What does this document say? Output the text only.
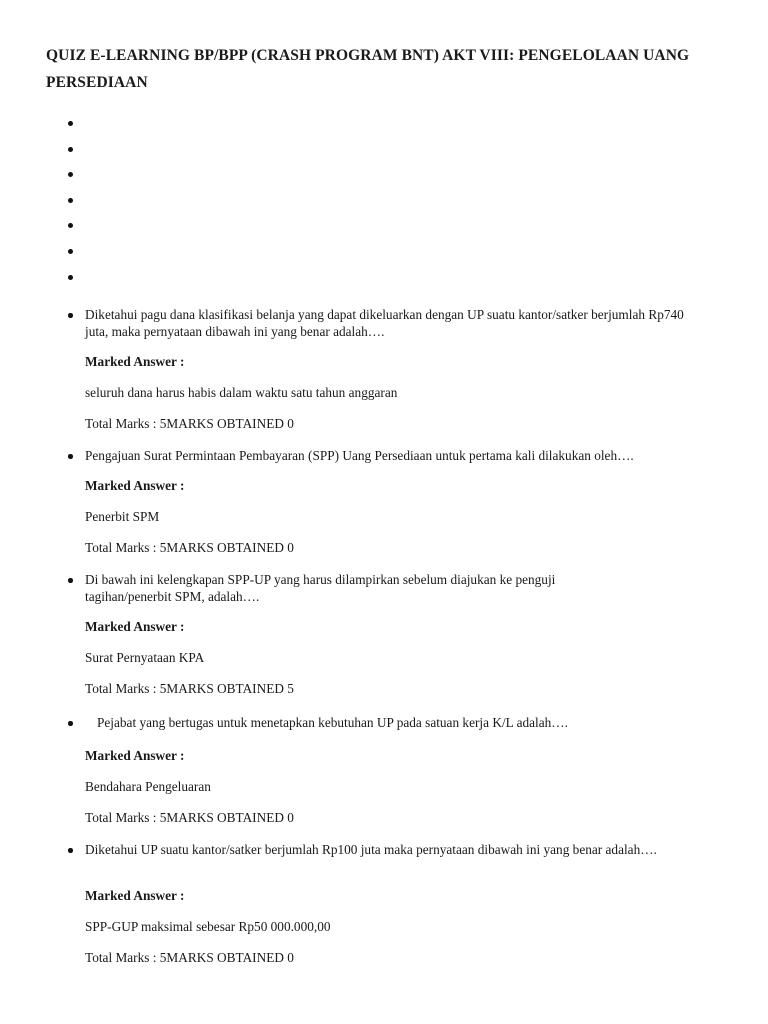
QUIZ E-LEARNING BP/BPP (CRASH PROGRAM BNT) AKT VIII: PENGELOLAAN UANG PERSEDIAAN

Diketahui pagu dana klasifikasi belanja yang dapat dikeluarkan dengan UP suatu kantor/satker berjumlah Rp740 juta, maka pernyataan dibawah ini yang benar adalah….

Marked Answer :

seluruh dana harus habis dalam waktu satu tahun anggaran

Total Marks : 5MARKS OBTAINED 0

Pengajuan Surat Permintaan Pembayaran (SPP) Uang Persediaan untuk pertama kali dilakukan oleh….

Marked Answer :

Penerbit SPM

Total Marks : 5MARKS OBTAINED 0

Di bawah ini kelengkapan SPP-UP yang harus dilampirkan sebelum diajukan ke penguji tagihan/penerbit SPM, adalah….

Marked Answer :

Surat Pernyataan KPA

Total Marks : 5MARKS OBTAINED 5

Pejabat yang bertugas untuk menetapkan kebutuhan UP pada satuan kerja K/L adalah….

Marked Answer :

Bendahara Pengeluaran

Total Marks : 5MARKS OBTAINED 0

Diketahui UP suatu kantor/satker berjumlah Rp100 juta maka pernyataan dibawah ini yang benar adalah….

Marked Answer :

SPP-GUP maksimal sebesar Rp50 000.000,00

Total Marks : 5MARKS OBTAINED 0
